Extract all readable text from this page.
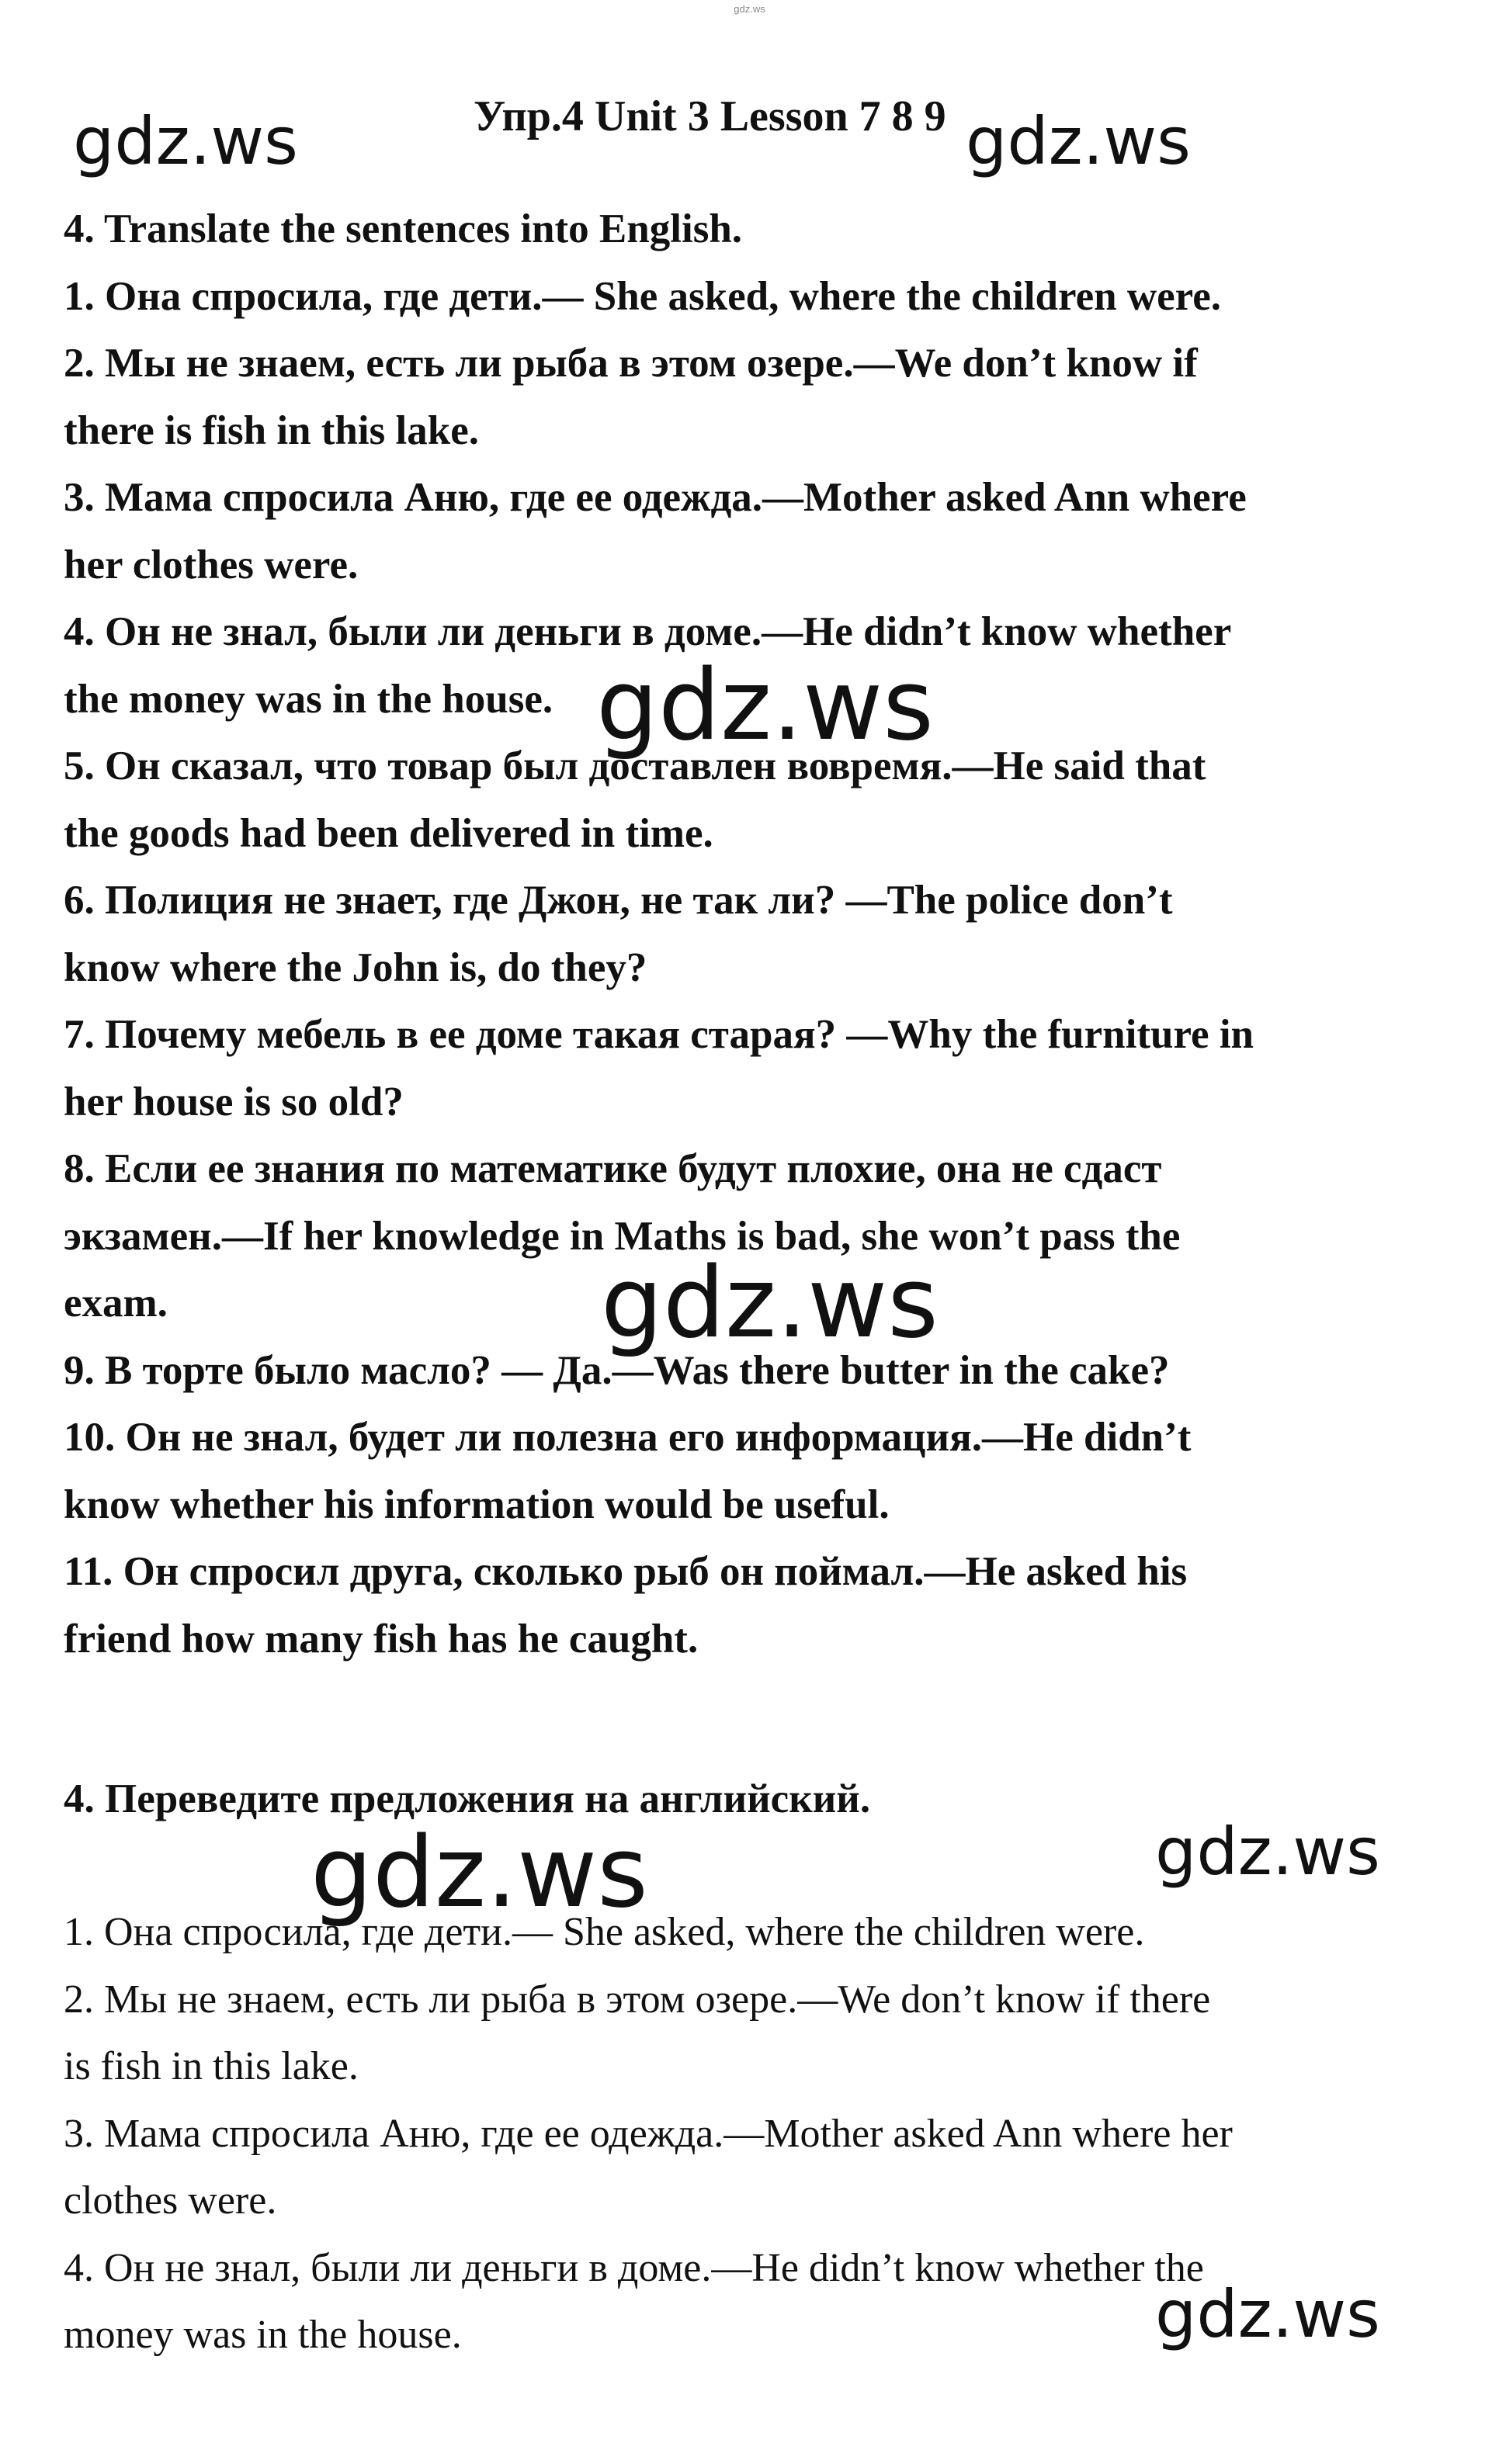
gdz.ws
Упр.4 Unit 3 Lesson 7 8 9
gdz.ws	gdz.ws
gdz.ws
gdz.ws
gdz.ws	gdz.ws
gdz.ws
4. Translate the sentences into English.
1. Она спросила, где дети.— She asked, where the children were.
2. Мы не знаем, есть ли рыба в этом озере.—We don’t know if
there is fish in this lake.
3. Мама спросила Аню, где ее одежда.—Mother asked Ann where
her clothes were.
4. Он не знал, были ли деньги в доме.—He didn’t know whether
the money was in the house.
5. Он сказал, что товар был доставлен вовремя.—He said that
the goods had been delivered in time.
6. Полиция не знает, где Джон, не так ли? —The police don’t
know where the John is, do they?
7. Почему мебель в ее доме такая старая? —Why the furniture in
her house is so old?
8. Если ее знания по математике будут плохие, она не сдаст
экзамен.—If her knowledge in Maths is bad, she won’t pass the
exam.
9. В торте было масло? — Да.—Was there butter in the cake?
10. Он не знал, будет ли полезна его информация.—He didn’t
know whether his information would be useful.
11. Он спросил друга, сколько рыб он поймал.—He asked his
friend how many fish has he caught.
4. Переведите предложения на английский.
1. Она спросила, где дети.— She asked, where the children were.
2. Мы не знаем, есть ли рыба в этом озере.—We don’t know if there
is fish in this lake.
3. Мама спросила Аню, где ее одежда.—Mother asked Ann where her
clothes were.
4. Он не знал, были ли деньги в доме.—He didn’t know whether the
money was in the house.
